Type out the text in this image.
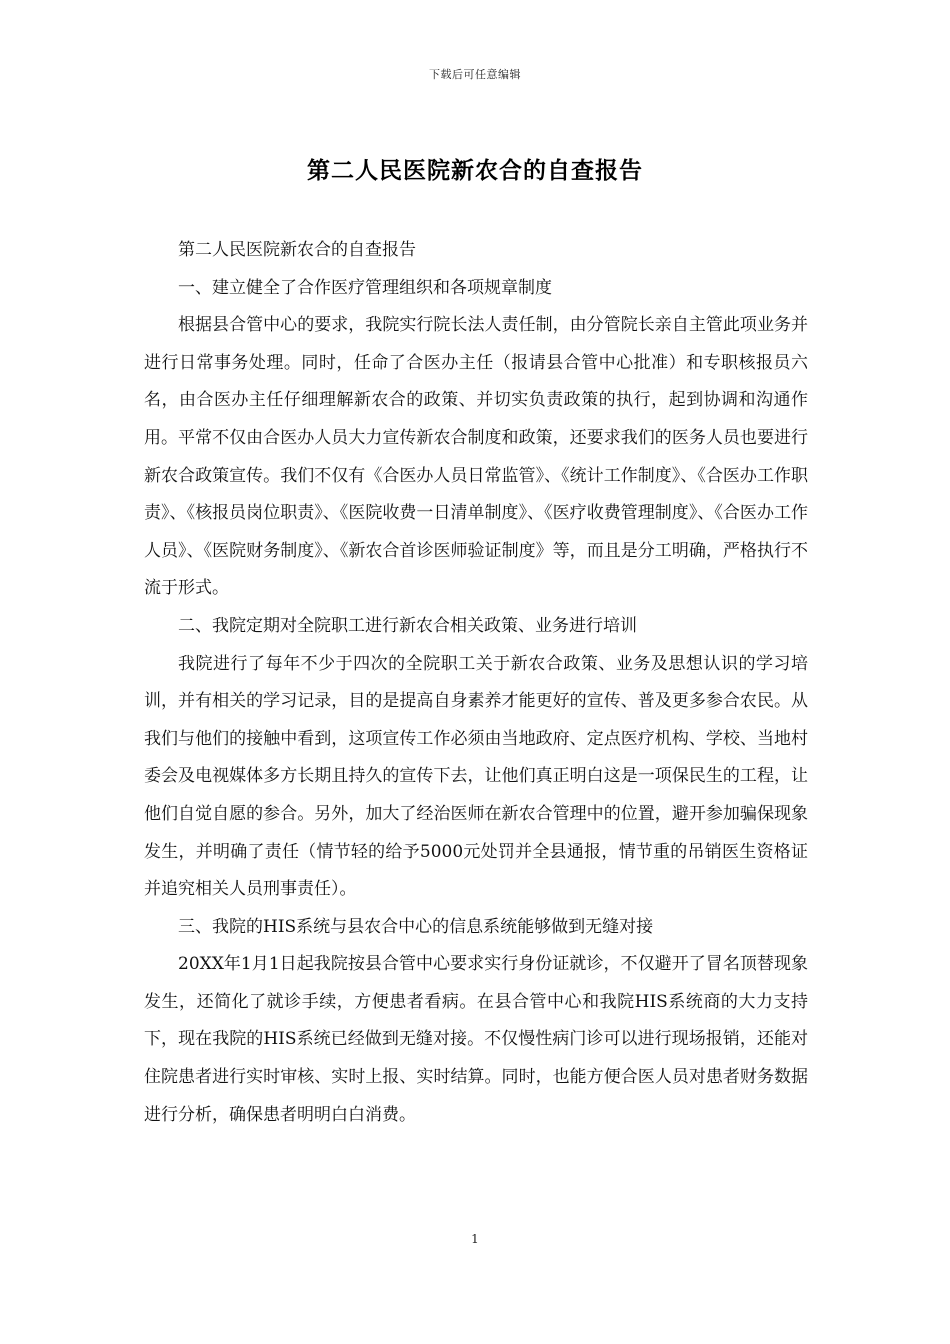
下载后可任意编辑
第二人民医院新农合的自查报告

第二人民医院新农合的自查报告

一、建立健全了合作医疗管理组织和各项规章制度

根据县合管中心的要求，我院实行院长法人责任制，由分管院长亲自主管此项业务并进行日常事务处理。同时，任命了合医办主任（报请县合管中心批准）和专职核报员六名，由合医办主任仔细理解新农合的政策、并切实负责政策的执行，起到协调和沟通作用。平常不仅由合医办人员大力宣传新农合制度和政策，还要求我们的医务人员也要进行新农合政策宣传。我们不仅有《合医办人员日常监管》、《统计工作制度》、《合医办工作职责》、《核报员岗位职责》、《医院收费一日清单制度》、《医疗收费管理制度》、《合医办工作人员》、《医院财务制度》、《新农合首诊医师验证制度》等，而且是分工明确，严格执行不流于形式。

二、我院定期对全院职工进行新农合相关政策、业务进行培训

我院进行了每年不少于四次的全院职工关于新农合政策、业务及思想认识的学习培训，并有相关的学习记录，目的是提高自身素养才能更好的宣传、普及更多参合农民。从我们与他们的接触中看到，这项宣传工作必须由当地政府、定点医疗机构、学校、当地村委会及电视媒体多方长期且持久的宣传下去，让他们真正明白这是一项保民生的工程，让他们自觉自愿的参合。另外，加大了经治医师在新农合管理中的位置，避开参加骗保现象发生，并明确了责任（情节轻的给予5000元处罚并全县通报，情节重的吊销医生资格证并追究相关人员刑事责任）。

三、我院的HIS系统与县农合中心的信息系统能够做到无缝对接

20XX年1月1日起我院按县合管中心要求实行身份证就诊，不仅避开了冒名顶替现象发生，还简化了就诊手续，方便患者看病。在县合管中心和我院HIS系统商的大力支持下，现在我院的HIS系统已经做到无缝对接。不仅慢性病门诊可以进行现场报销，还能对住院患者进行实时审核、实时上报、实时结算。同时，也能方便合医人员对患者财务数据进行分析，确保患者明明白白消费。

1
